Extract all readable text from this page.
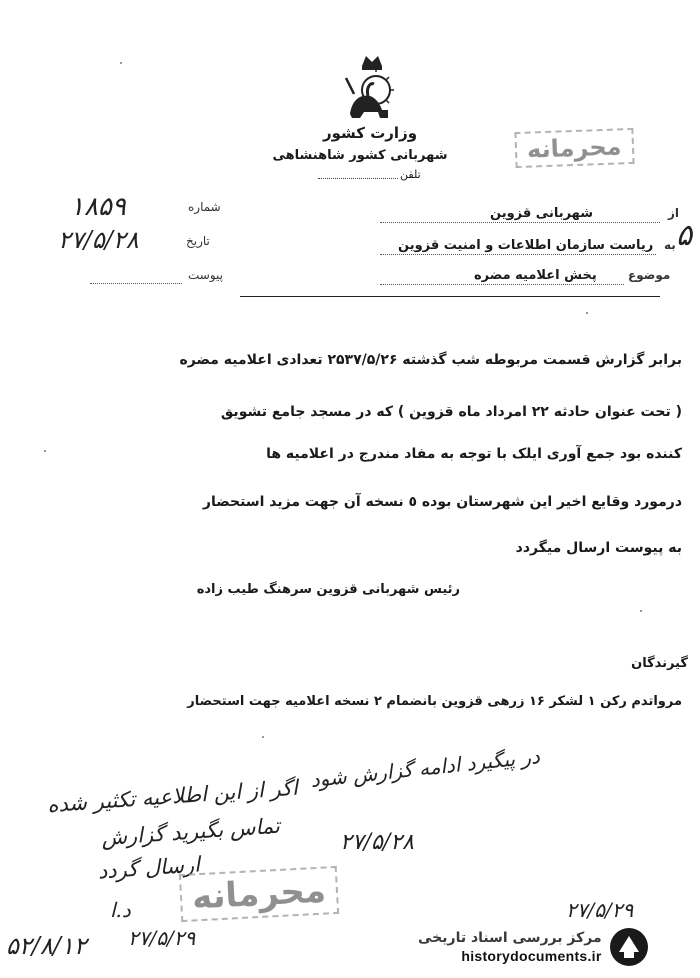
وزارت کشور
شهربانی کشور شاهنشاهی
تلفن
محرمانه
شماره
۱۸۵۹
تاریخ
۲۷/۵/۲۸
پیوست
از
شهربانی قزوین
به
ریاست سازمان اطلاعات و امنیت قزوین
موضوع
پخش اعلامیه مضره
۵
برابر گزارش قسمت مربوطه شب گذشته ۲۵۳۷/۵/۲۶ تعدادی اعلامیه مضره
( تحت عنوان حادثه ۲۲ امرداد ماه قزوین ) که در مسجد جامع تشویق
کننده بود جمع آوری ایلک با توجه به مفاد مندرج در اعلامیه ها
درمورد وقایع اخیر این شهرستان بوده ٥ نسخه آن جهت مزید استحضار
به پیوست ارسال میگردد
رئیس شهربانی قزوین سرهنگ طیب زاده
گیرندگان
مرواتدم رکن ۱ لشکر ۱۶ زرهی قزوین بانضمام ۲ نسخه اعلامیه جهت استحضار
در پیگیرد ادامه گزارش شود
۲۷/۵/۲۸
اگر از این اطلاعیه تکثیر شده
تماس بگیرید گزارش
ارسال گردد
د.ا
۲۷/۵/۲۹
۵۲/۸/۱۲
محرمانه	۲۷/۵/۲۹
مرکز بررسی اسناد تاریخی
historydocuments.ir
